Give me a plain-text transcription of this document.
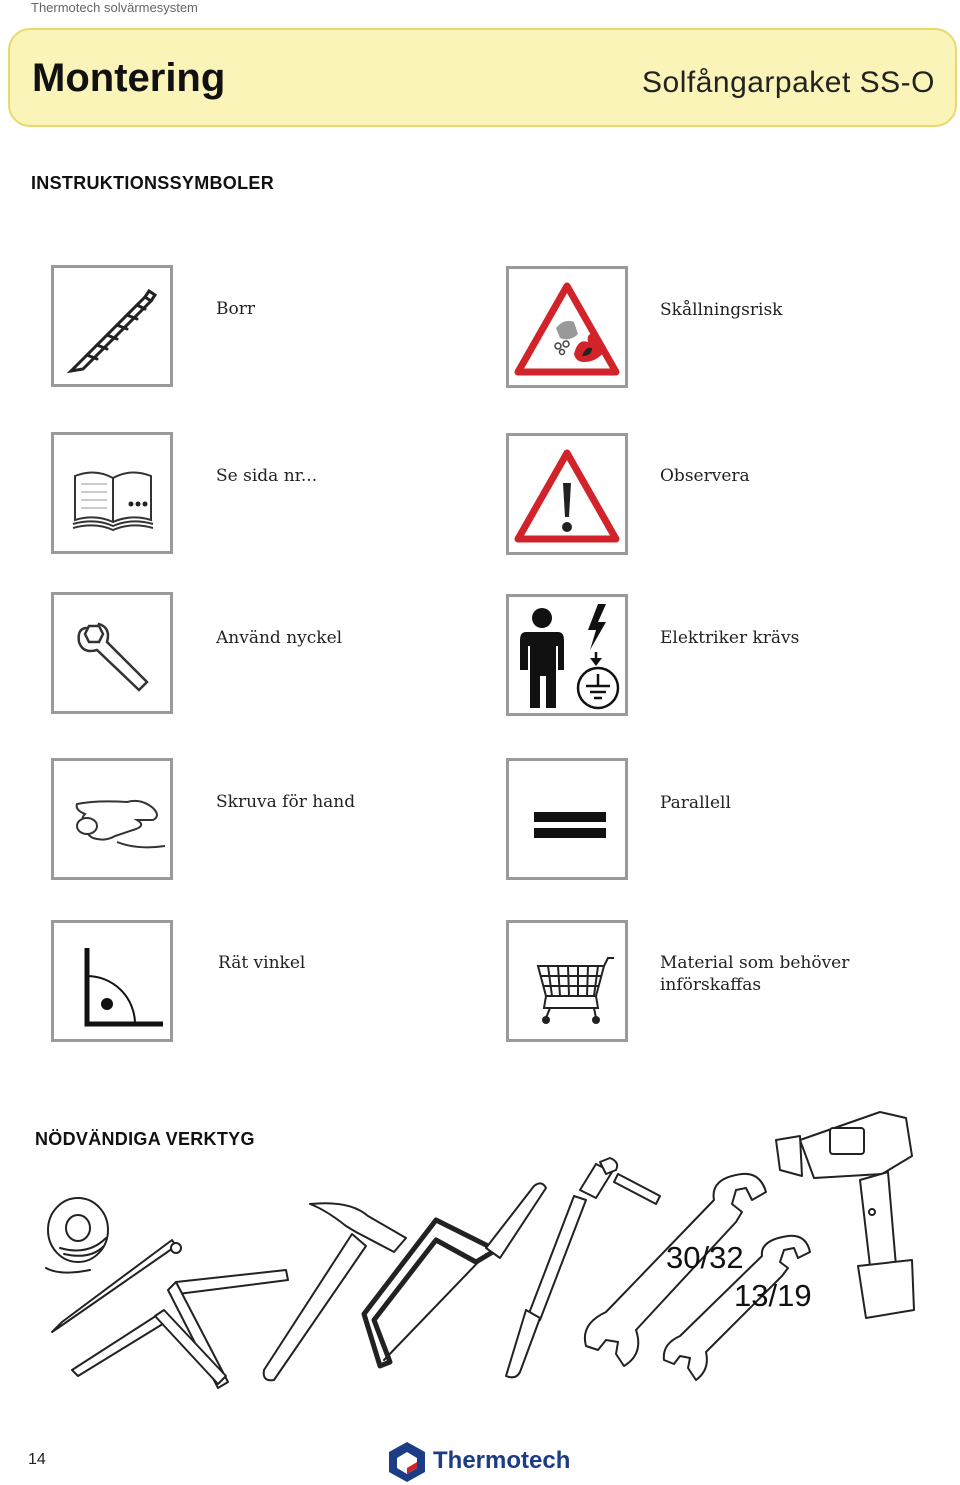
Thermotech solvärmesystem
Montering	Solfångarpaket SS-O
INSTRUKTIONSSYMBOLER
Borr	Skållningsrisk
Se sida nr...	Observera
Använd nyckel	Elektriker krävs
Skruva för hand	Parallell
Rät vinkel	Material som behöver införskaffas
NÖDVÄNDIGA VERKTYG
30/32
13/19
14	Thermotech
